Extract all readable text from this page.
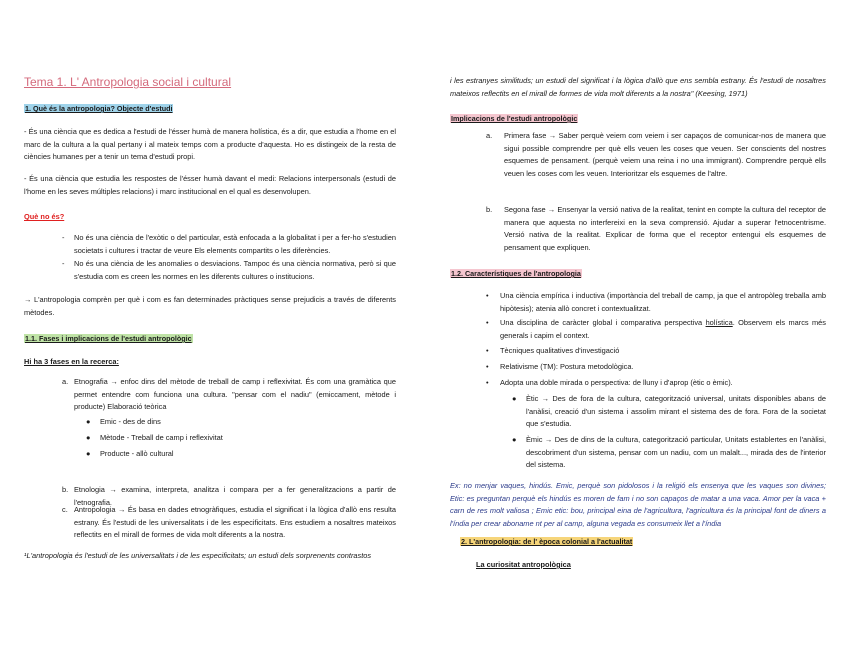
Tema 1. L' Antropologia social i cultural
1. Què és la antropologia? Objecte d'estudi

- És una ciència que es dedica a l'estudi de l'ésser humà de manera holística, és a dir, que estudia a l'home en el marc de la cultura a la qual pertany i al mateix temps com a producte d'aquesta. Ho es distingeix de la resta de ciències humanes per a tenir un tema d'estudi propi.

- És una ciència que estudia les respostes de l'ésser humà davant el medi: Relacions interpersonals (estudi de l'home en les seves múltiples relacions) i marc institucional en el qual es desenvolupen.

Què no és?
- No és una ciència de l'exòtic o del particular, està enfocada a la globalitat i per a fer-ho s'estudien societats i cultures i tractar de veure Els elements compartits o les diferències.
- No és una ciència de les anomalies o desviacions. Tampoc és una ciència normativa, però si que s'estudia com es creen les normes en les diferents cultures o institucions.

→ L'antropologia comprèn per què i com es fan determinades pràctiques sense prejudicis a través de diferents mètodes.

1.1. Fases i implicacions de l'estudi antropològic
Hi ha 3 fases en la recerca:
a. Etnografia → enfoc dins del mètode de treball de camp i reflexivitat. És com una gramàtica que permet entendre com funciona una cultura. "pensar com el nadiu" (emiccament, mètode i producte) Elaboració teòrica
● Emic - des de dins
● Mètode - Treball de camp i reflexivitat
● Producte - allò cultural
b. Etnologia → examina, interpreta, analitza i compara per a fer generalitzacions a partir de l'etnografia.
c. Antropologia → És basa en dades etnogràfiques, estudia el significat i la lògica d'allò ens resulta estrany. És l'estudi de les universalitats i de les especificitats. Ens estudiem a nosaltres mateixos reflectits en el mirall de formes de vida molt diferents a la nostra.

¹L'antropologia és l'estudi de les universalitats i de les especificitats; un estudi dels sorprenents contrastos

i les estranyes similituds; un estudi del significat i la lògica d'allò que ens sembla estrany. És l'estudi de nosaltres mateixos reflectits en el mirall de formes de vida molt diferents a la nostra" (Keesing, 1971)

Implicacions de l'estudi antropològic
a. Primera fase → Saber perquè veiem com veiem i ser capaços de comunicar-nos de manera que sigui possible comprendre per què ells veuen les coses que veuen. Ser conscients del nostres esquemes de pensament. (perquè veiem una reina i no una immigrant). Comprendre perquè ells veuen les coses com les veuen. Interioritzar els esquemes de l'altre.
b. Segona fase → Ensenyar la versió nativa de la realitat, tenint en compte la cultura del receptor de manera que aquesta no interfereixi en la seva comprensió. Ajudar a superar l'etnocentrisme. Versió nativa de la realitat. Explicar de forma que el receptor entengui els esquemes de pensament que expliquen.
1.2. Característiques de l'antropologia
• Una ciència empírica i inductiva (importància del treball de camp, ja que el antropòleg treballa amb hipòtesis); atenia allò concret i contextualitzat.
• Una disciplina de caràcter global i comparativa perspectiva holística. Observem els marcs més generals i capim el context.
• Tècniques qualitatives d'investigació
• Relativisme (TM): Postura metodològica.
• Adopta una doble mirada o perspectiva: de lluny i d'aprop (ètic o èmic).
● Ètic → Des de fora de la cultura, categorització universal, unitats disponibles abans de l'anàlisi, creació d'un sistema i assolim mirant el sistema des de fora. Fora de la societat que s'estudia.
● Èmic → Des de dins de la cultura, categorització particular, Unitats establertes en l'anàlisi, descobriment d'un sistema, pensar com un nadiu, com un malalt..., mirada des de l'interior del sistema.

Ex: no menjar vaques, hindús. Emic, perquè son pidolosos i la religió els ensenya que les vaques son divines; Etic: es preguntan perquè els hindús es moren de fam i no son capaços de matar a una vaca. Amor per la vaca + carn de res molt valiosa ; Emic etic: bou, principal eina de l'agricultura, l'agricultura és la principal font de diners a l'índia per crear aboname nt per al camp, alguna vegada es consumeix llet a l'índia

2. L'antropologia: de l' època colonial a l'actualitat
La curiositat antropològica
